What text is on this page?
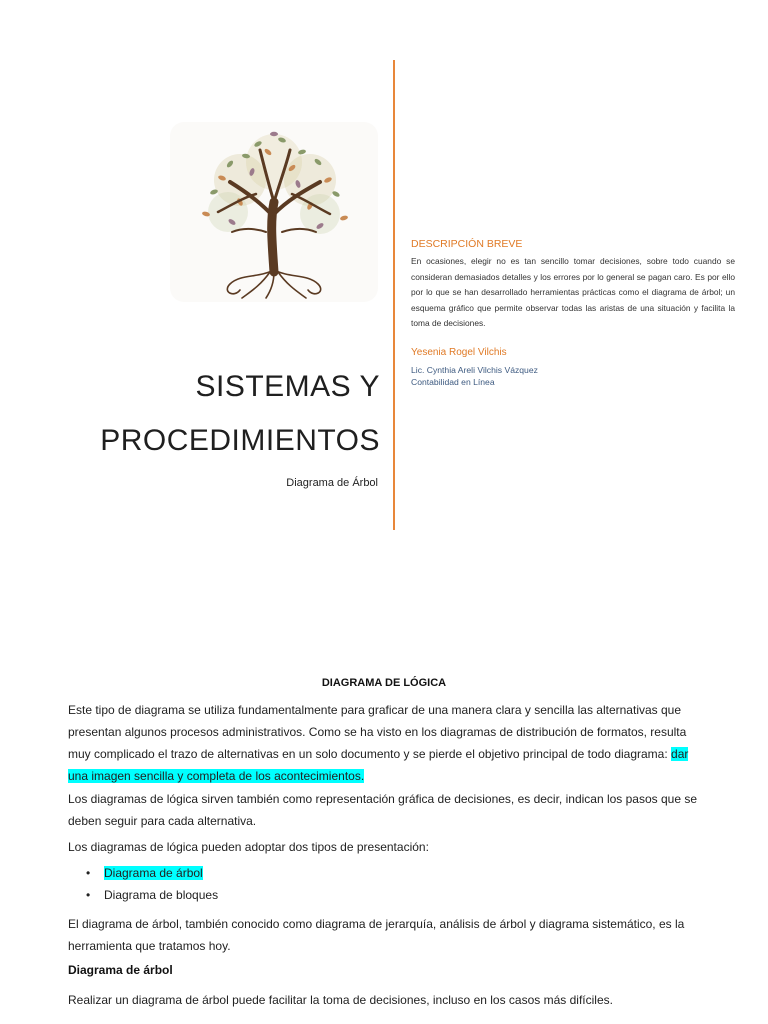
DESCRIPCIÓN BREVE
En ocasiones, elegir no es tan sencillo tomar decisiones, sobre todo cuando se consideran demasiados detalles y los errores por lo general se pagan caro. Es por ello por lo que se han desarrollado herramientas prácticas como el diagrama de árbol; un esquema gráfico que permite observar todas las aristas de una situación y facilita la toma de decisiones.
Yesenia Rogel Vilchis
Lic. Cynthia Areli Vilchis Vázquez
Contabilidad en Línea
SISTEMAS Y
PROCEDIMIENTOS
Diagrama de Árbol
DIAGRAMA DE LÓGICA
Este tipo de diagrama se utiliza fundamentalmente para graficar de una manera clara y sencilla las alternativas que presentan algunos procesos administrativos. Como se ha visto en los diagramas de distribución de formatos, resulta muy complicado el trazo de alternativas en un solo documento y se pierde el objetivo principal de todo diagrama: dar una imagen sencilla y completa de los acontecimientos.
Los diagramas de lógica sirven también como representación gráfica de decisiones, es decir, indican los pasos que se deben seguir para cada alternativa.
Los diagramas de lógica pueden adoptar dos tipos de presentación:
• Diagrama de árbol
• Diagrama de bloques
El diagrama de árbol, también conocido como diagrama de jerarquía, análisis de árbol y diagrama sistemático, es la herramienta que tratamos hoy.
Diagrama de árbol
Realizar un diagrama de árbol puede facilitar la toma de decisiones, incluso en los casos más difíciles.
